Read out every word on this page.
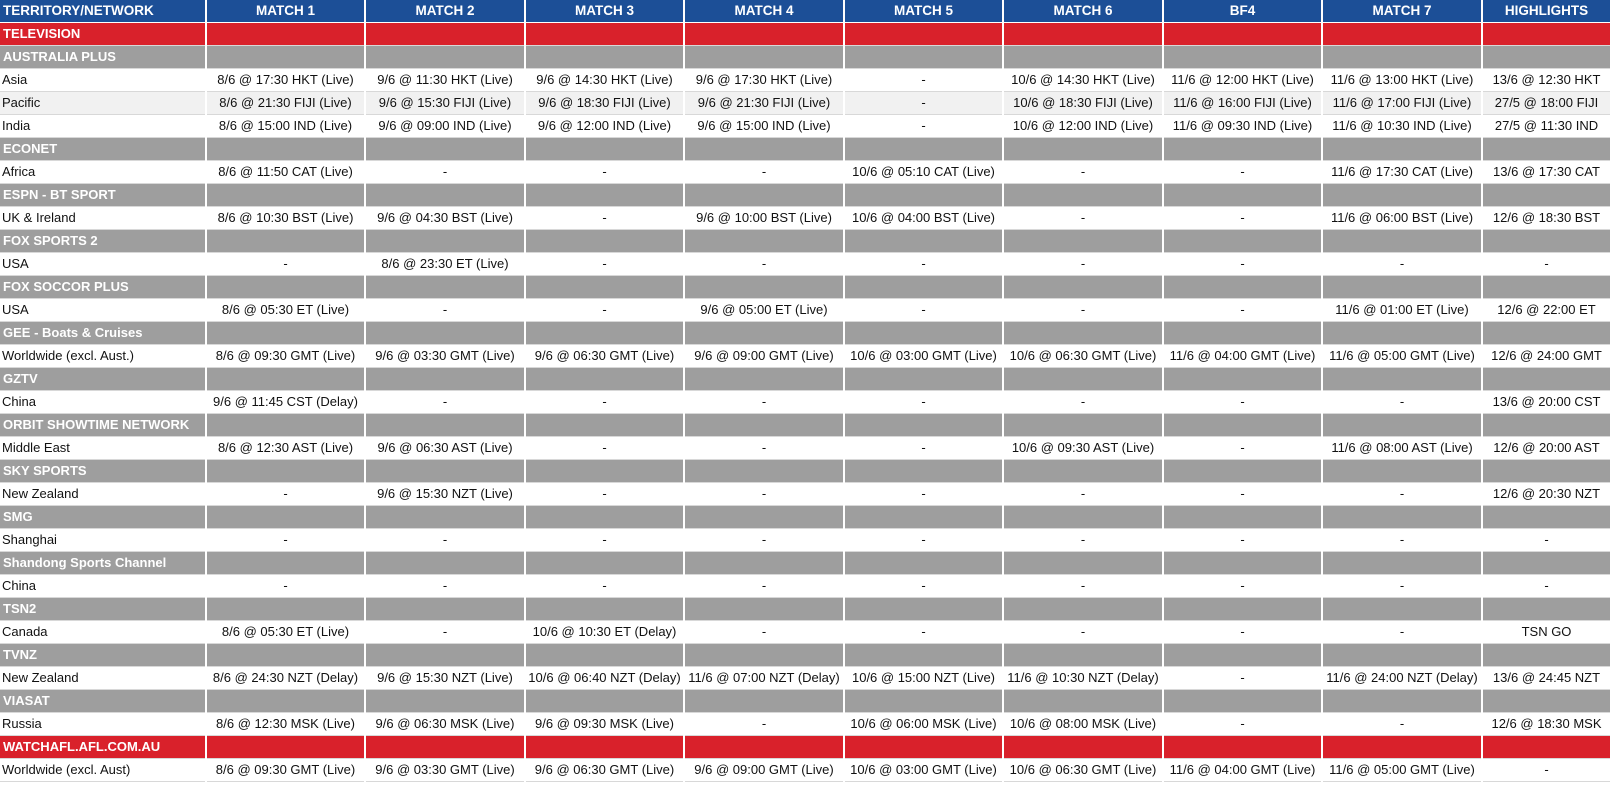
TERRITORY/NETWORK	MATCH 1	MATCH 2	MATCH 3	MATCH 4	MATCH 5	MATCH 6	BF4	MATCH 7	HIGHLIGHTS
TELEVISION									
AUSTRALIA PLUS									
Asia	8/6 @ 17:30 HKT (Live)	9/6 @ 11:30 HKT (Live)	9/6 @ 14:30 HKT (Live)	9/6 @ 17:30 HKT (Live)	-	10/6 @ 14:30 HKT (Live)	11/6 @ 12:00 HKT (Live)	11/6 @ 13:00 HKT (Live)	13/6 @ 12:30 HKT
Pacific	8/6 @ 21:30 FIJI (Live)	9/6 @ 15:30 FIJI (Live)	9/6 @ 18:30 FIJI (Live)	9/6 @ 21:30 FIJI (Live)	-	10/6 @ 18:30 FIJI (Live)	11/6 @ 16:00 FIJI (Live)	11/6 @ 17:00 FIJI (Live)	27/5 @ 18:00 FIJI
India	8/6 @ 15:00 IND (Live)	9/6 @ 09:00 IND (Live)	9/6 @ 12:00 IND (Live)	9/6 @ 15:00 IND (Live)	-	10/6 @ 12:00 IND (Live)	11/6 @ 09:30 IND (Live)	11/6 @ 10:30 IND (Live)	27/5 @ 11:30 IND
ECONET									
Africa	8/6 @ 11:50 CAT (Live)	-	-	-	10/6 @ 05:10 CAT (Live)	-	-	11/6 @ 17:30 CAT (Live)	13/6 @ 17:30 CAT
ESPN - BT SPORT									
UK & Ireland	8/6 @ 10:30 BST (Live)	9/6 @ 04:30 BST (Live)	-	9/6 @ 10:00 BST (Live)	10/6 @ 04:00 BST (Live)	-	-	11/6 @ 06:00 BST (Live)	12/6 @ 18:30 BST
FOX SPORTS 2									
USA	-	8/6 @ 23:30 ET (Live)	-	-	-	-	-	-	-
FOX SOCCOR PLUS									
USA	8/6 @ 05:30 ET (Live)	-	-	9/6 @ 05:00 ET (Live)	-	-	-	11/6 @ 01:00 ET (Live)	12/6 @ 22:00 ET
GEE - Boats & Cruises									
Worldwide (excl. Aust.)	8/6 @ 09:30 GMT (Live)	9/6 @ 03:30 GMT (Live)	9/6 @ 06:30 GMT (Live)	9/6 @ 09:00 GMT (Live)	10/6 @ 03:00 GMT (Live)	10/6 @ 06:30 GMT (Live)	11/6 @ 04:00 GMT (Live)	11/6 @ 05:00 GMT (Live)	12/6 @ 24:00 GMT
GZTV									
China	9/6 @ 11:45 CST (Delay)	-	-	-	-	-	-	-	13/6 @ 20:00 CST
ORBIT SHOWTIME NETWORK									
Middle East	8/6 @ 12:30 AST (Live)	9/6 @ 06:30 AST (Live)	-	-	-	10/6 @ 09:30 AST (Live)	-	11/6 @ 08:00 AST (Live)	12/6 @ 20:00 AST
SKY SPORTS									
New Zealand	-	9/6 @ 15:30 NZT (Live)	-	-	-	-	-	-	12/6 @ 20:30 NZT
SMG									
Shanghai	-	-	-	-	-	-	-	-	-
Shandong Sports Channel									
China	-	-	-	-	-	-	-	-	-
TSN2									
Canada	8/6 @ 05:30 ET (Live)	-	10/6 @ 10:30 ET (Delay)	-	-	-	-	-	TSN GO
TVNZ									
New Zealand	8/6 @ 24:30 NZT (Delay)	9/6 @ 15:30 NZT (Live)	10/6 @ 06:40 NZT (Delay)	11/6 @ 07:00 NZT (Delay)	10/6 @ 15:00 NZT (Live)	11/6 @ 10:30 NZT (Delay)	-	11/6 @ 24:00 NZT (Delay)	13/6 @ 24:45 NZT
VIASAT									
Russia	8/6 @ 12:30 MSK (Live)	9/6 @ 06:30 MSK (Live)	9/6 @ 09:30 MSK (Live)	-	10/6 @ 06:00 MSK (Live)	10/6 @ 08:00 MSK (Live)	-	-	12/6 @ 18:30 MSK
WATCHAFL.AFL.COM.AU									
Worldwide (excl. Aust)	8/6 @ 09:30 GMT (Live)	9/6 @ 03:30 GMT (Live)	9/6 @ 06:30 GMT (Live)	9/6 @ 09:00 GMT (Live)	10/6 @ 03:00 GMT (Live)	10/6 @ 06:30 GMT (Live)	11/6 @ 04:00 GMT (Live)	11/6 @ 05:00 GMT (Live)	-
